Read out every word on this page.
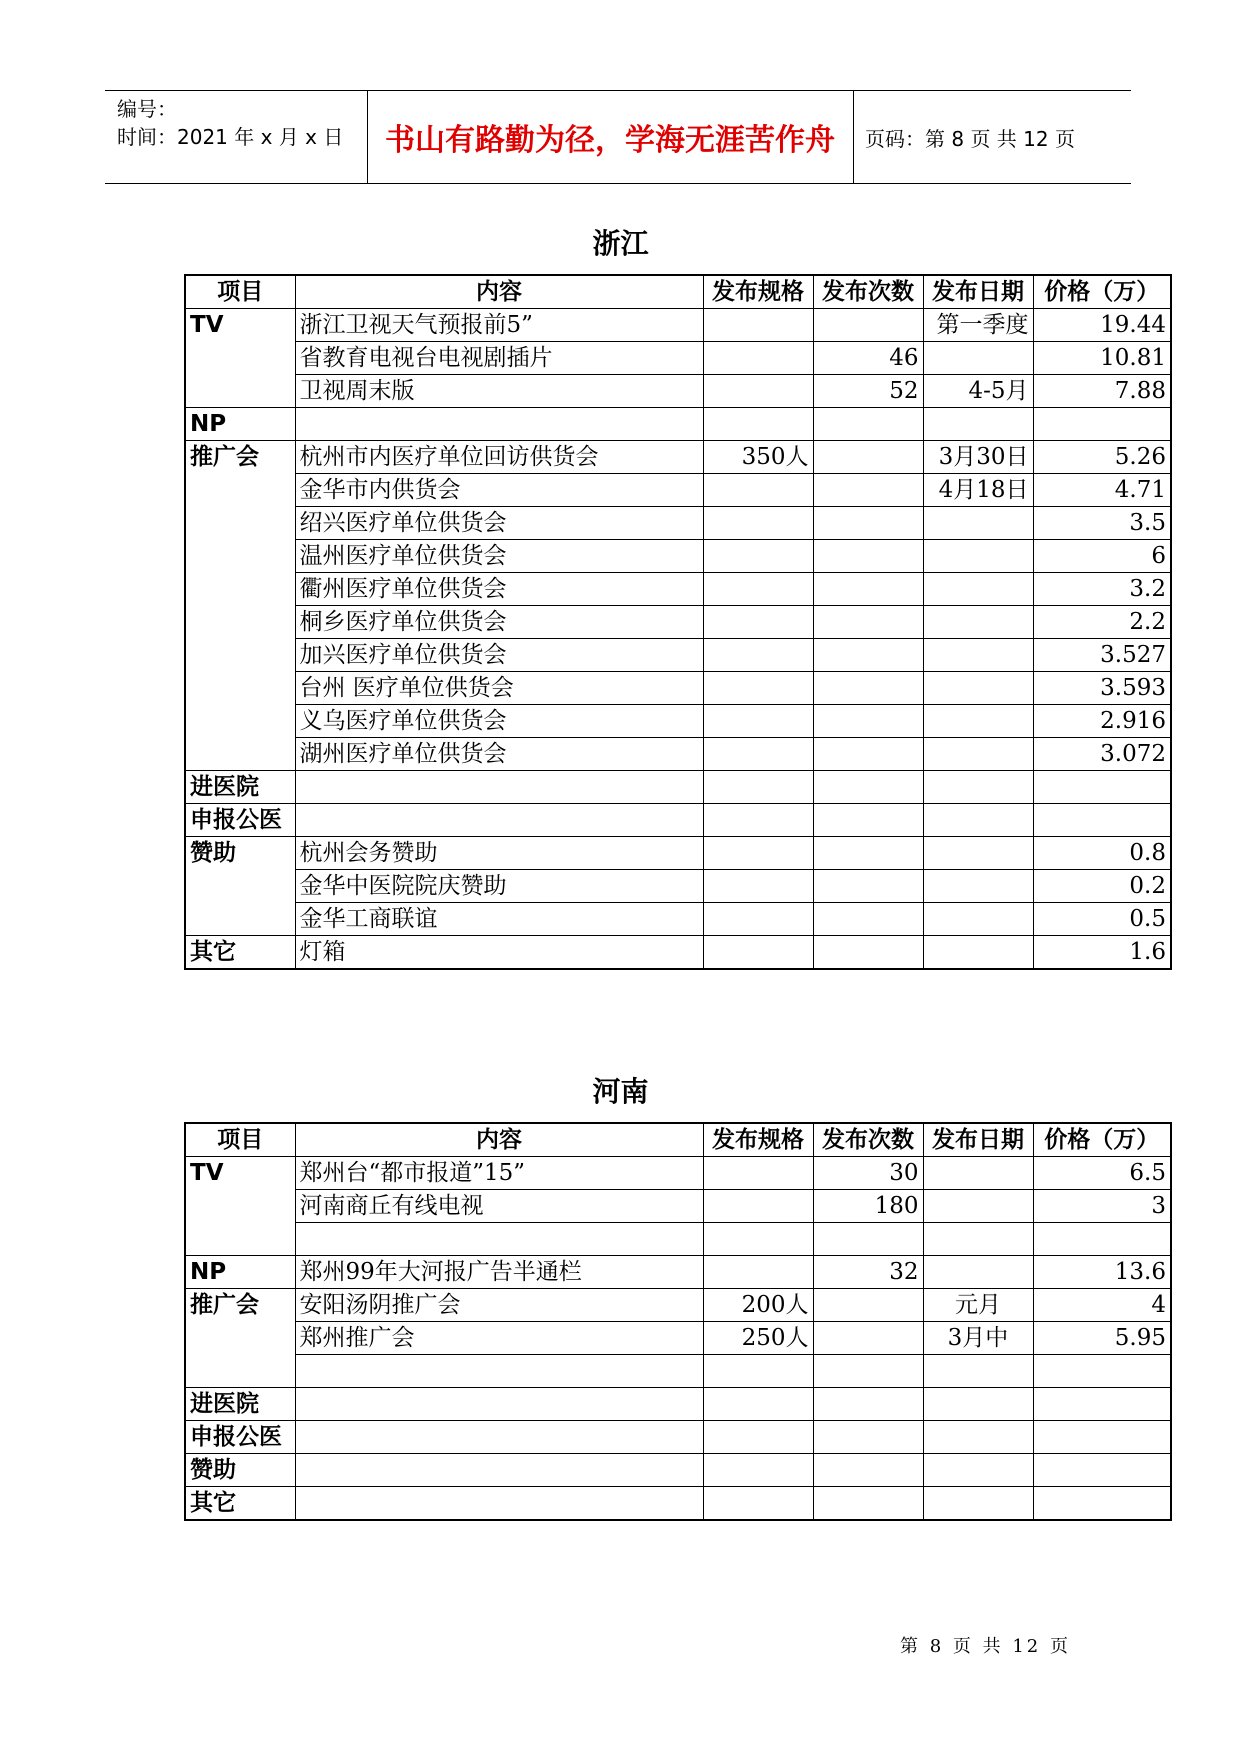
编号：
时间：2021 年 x 月 x 日	书山有路勤为径，学海无涯苦作舟	页码：第 8 页 共 12 页
浙江
项目	内容	发布规格	发布次数	发布日期	价格（万）
TV	浙江卫视天气预报前5”			第一季度	19.44
	省教育电视台电视剧插片		46		10.81
	卫视周末版		52	4-5月	7.88
NP					
推广会	杭州市内医疗单位回访供货会	350人		3月30日	5.26
	金华市内供货会			4月18日	4.71
	绍兴医疗单位供货会				3.5
	温州医疗单位供货会				6
	衢州医疗单位供货会				3.2
	桐乡医疗单位供货会				2.2
	加兴医疗单位供货会				3.527
	台州 医疗单位供货会				3.593
	义乌医疗单位供货会				2.916
	湖州医疗单位供货会				3.072
进医院					
申报公医					
赞助	杭州会务赞助				0.8
	金华中医院院庆赞助				0.2
	金华工商联谊				0.5
其它	灯箱				1.6
河南
项目	内容	发布规格	发布次数	发布日期	价格（万）
TV	郑州台“都市报道”15”		30		6.5
	河南商丘有线电视		180		3

NP	郑州99年大河报广告半通栏		32		13.6
推广会	安阳汤阴推广会	200人		元月	4
	郑州推广会	250人		3月中	5.95

进医院					
申报公医					
赞助					
其它					
第 8 页 共 12 页
